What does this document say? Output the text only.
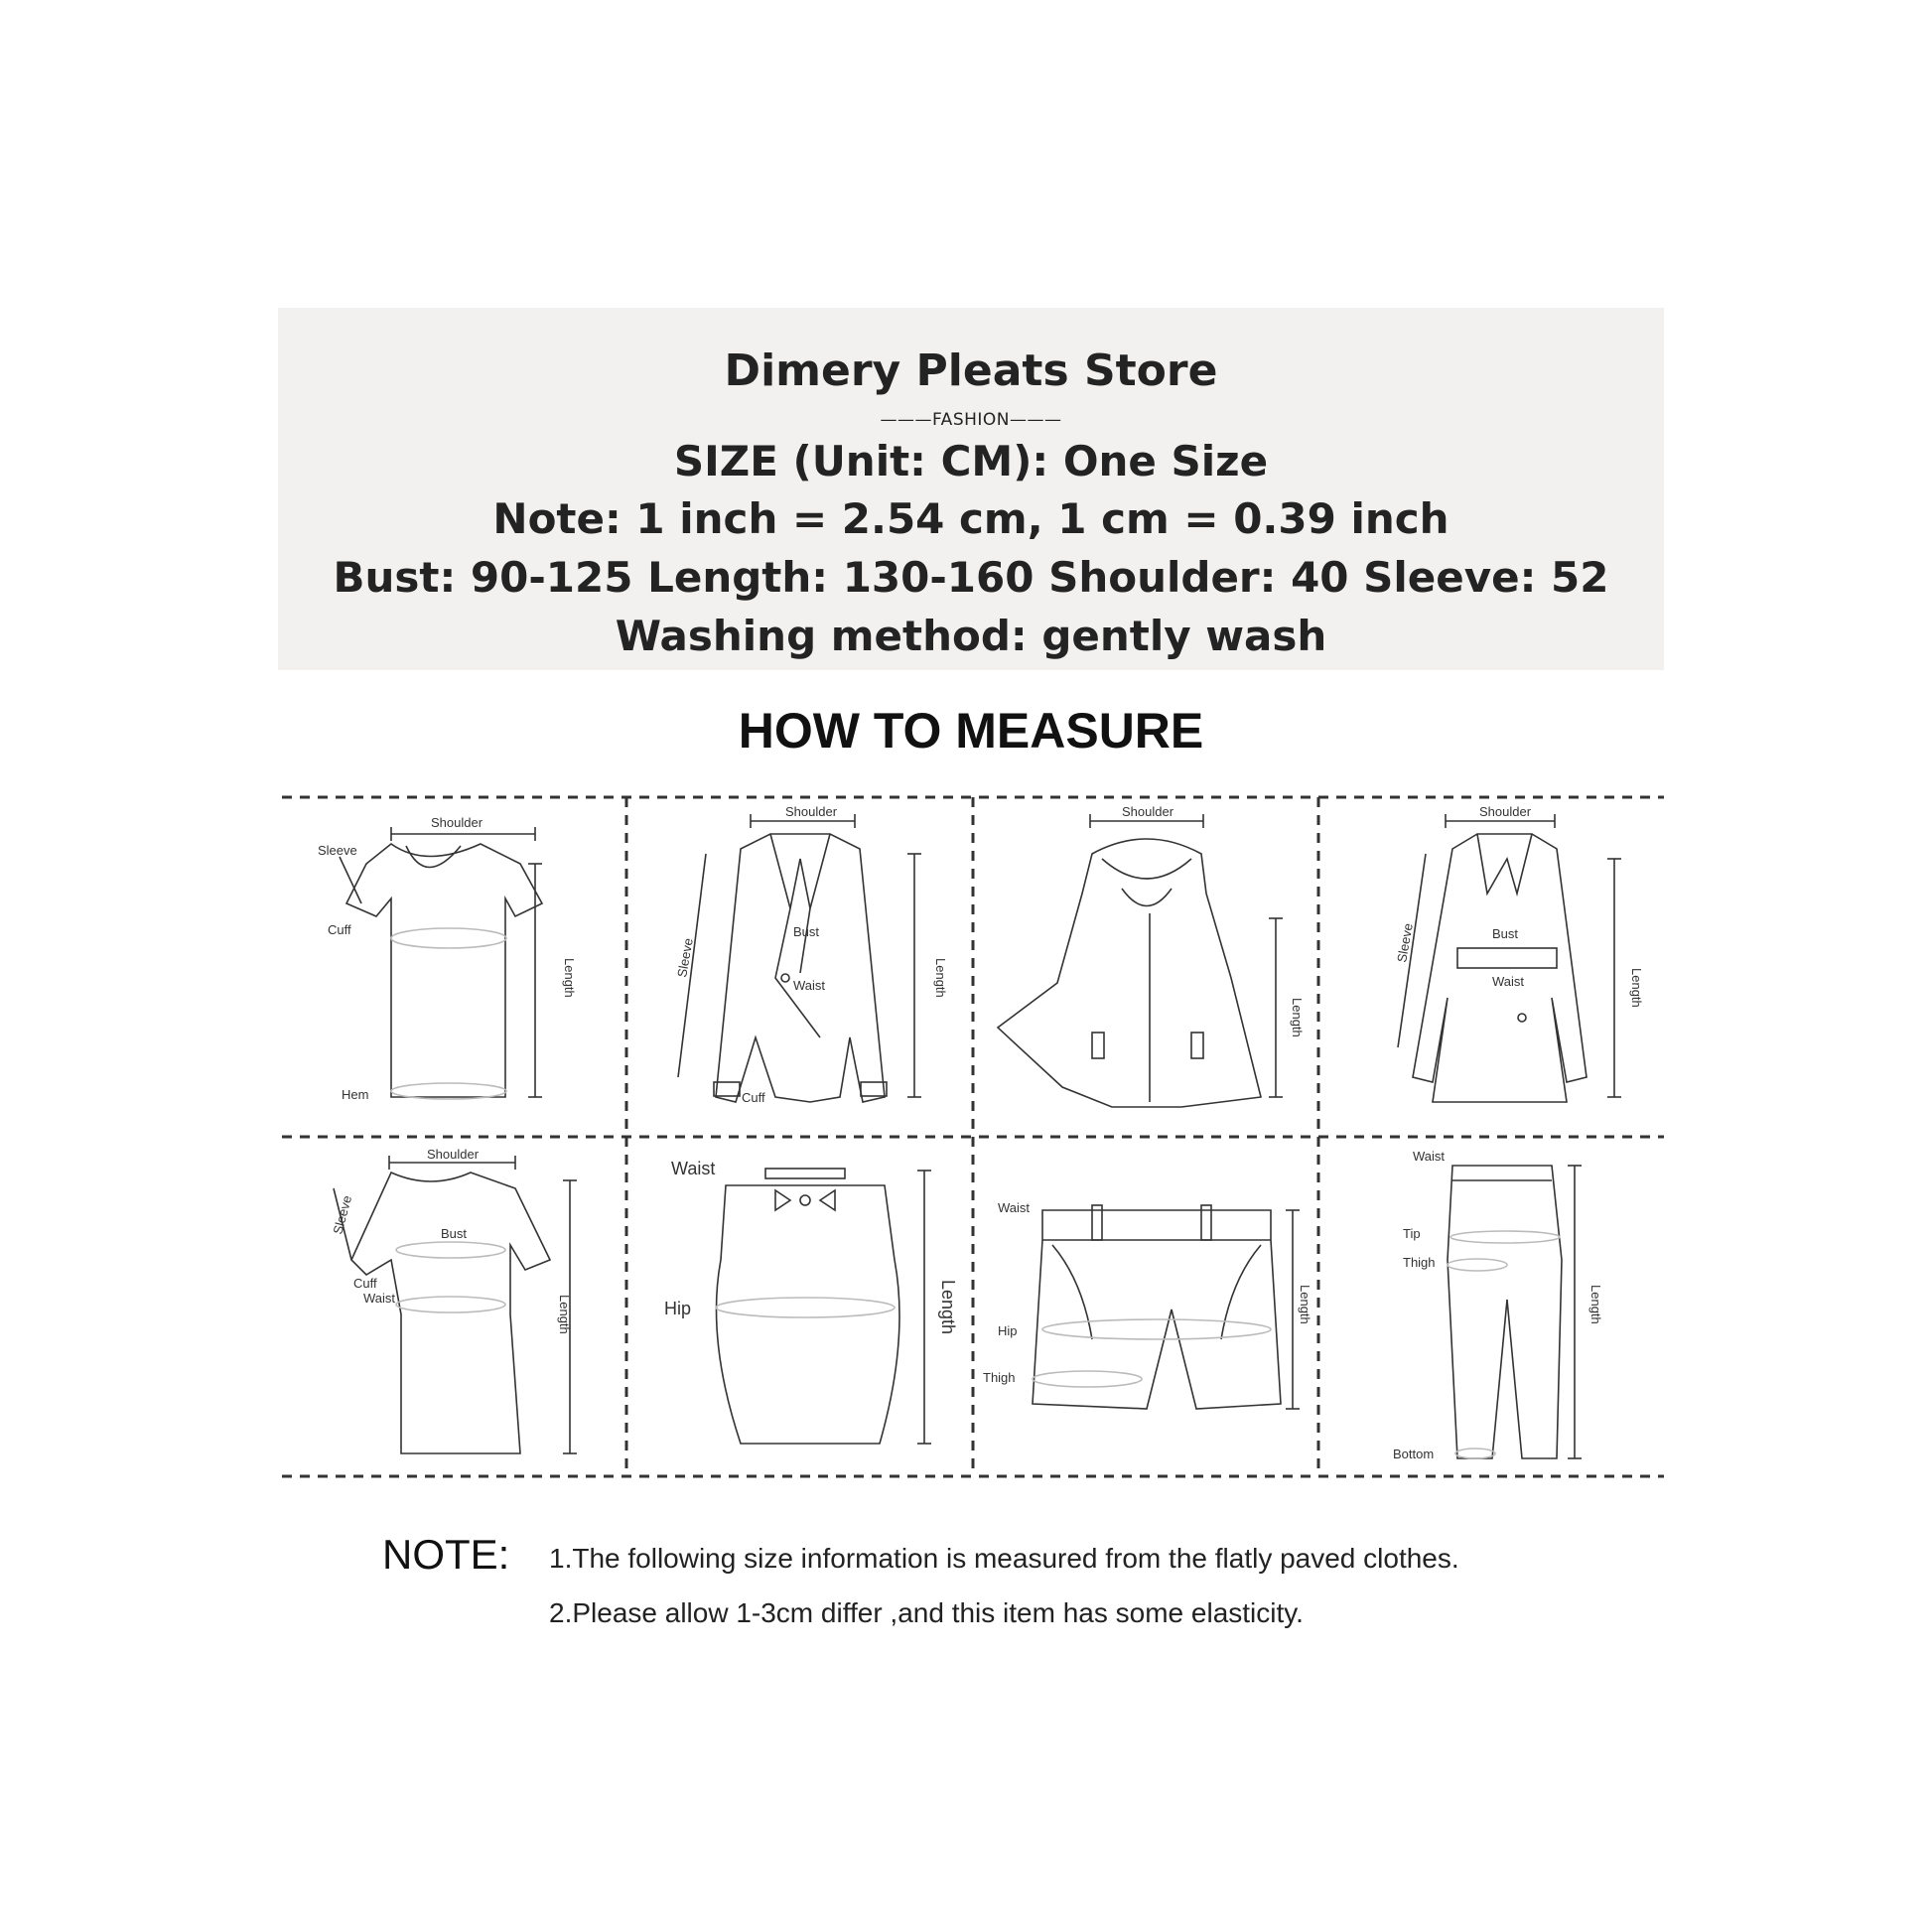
Dimery Pleats Store
———FASHION———
SIZE (Unit: CM): One Size
Note: 1 inch = 2.54 cm, 1 cm = 0.39 inch
Bust: 90-125 Length: 130-160 Shoulder: 40 Sleeve: 52
Washing method: gently wash
HOW TO MEASURE
Shoulder
Sleeve
Cuff
Hem
Length
Shoulder
Sleeve
Bust
Waist
Cuff
Length
Shoulder
Length
Shoulder
Sleeve	Bust
Waist	Length
Shoulder
Sleeve	Bust
Cuff
Waist	Length
Waist
Hip	Length
Waist
Hip
Thigh
Length
Waist
Tip
Thigh
Bottom
Length
NOTE: 1.The following size information is measured from the flatly paved clothes.
2.Please allow 1-3cm differ ,and this item has some elasticity.
